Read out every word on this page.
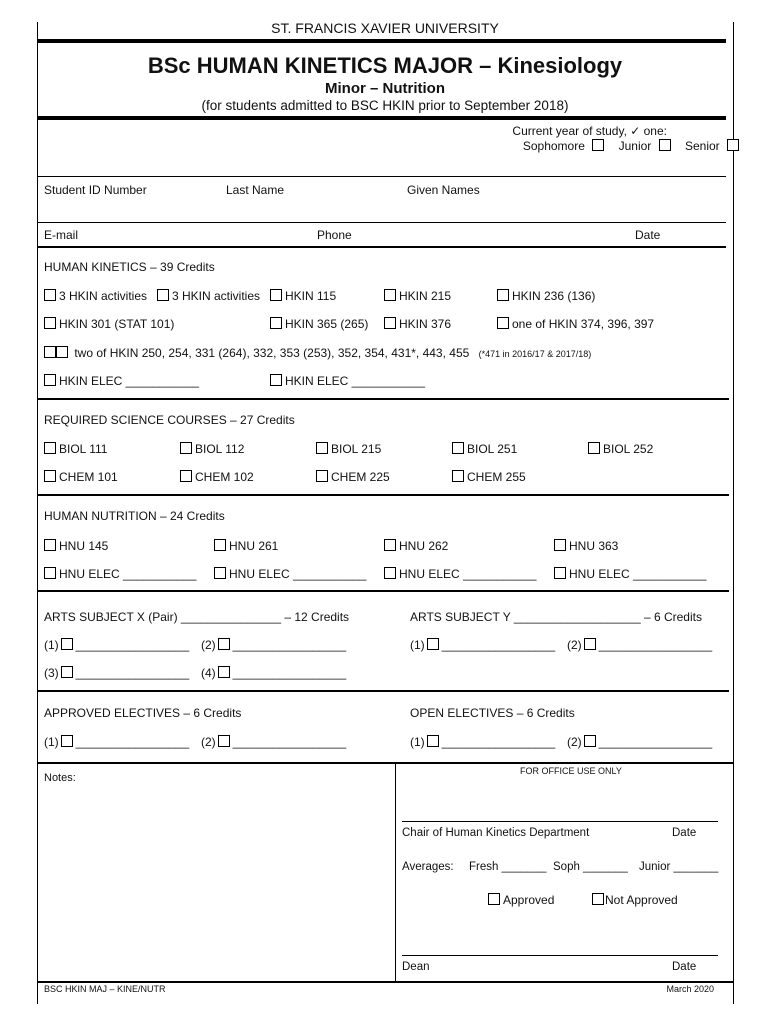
ST. FRANCIS XAVIER UNIVERSITY
BSc HUMAN KINETICS MAJOR – Kinesiology
Minor – Nutrition
(for students admitted to BSC HKIN prior to September 2018)
Current year of study, ✓ one:
Sophomore	Junior	Senior
Student ID Number	Last Name	Given Names
E-mail	Phone	Date
HUMAN KINETICS – 39 Credits
3 HKIN activities	3 HKIN activities	HKIN 115	HKIN 215	HKIN 236 (136)
HKIN 301 (STAT 101)	HKIN 365 (265)	HKIN 376	one of HKIN 374, 396, 397
two of HKIN 250, 254, 331 (264), 332, 353 (253), 352, 354, 431*, 443, 455 (*471 in 2016/17 & 2017/18)
HKIN ELEC ___________	HKIN ELEC ___________
REQUIRED SCIENCE COURSES – 27 Credits
BIOL 111	BIOL 112	BIOL 215	BIOL 251	BIOL 252
CHEM 101	CHEM 102	CHEM 225	CHEM 255
HUMAN NUTRITION – 24 Credits
HNU 145	HNU 261	HNU 262	HNU 363
HNU ELEC ___________	HNU ELEC ___________	HNU ELEC ___________	HNU ELEC ___________
ARTS SUBJECT X (Pair) _______________ – 12 Credits	ARTS SUBJECT Y ___________________ – 6 Credits
(1) _________________ (2) _________________	(1) _________________ (2) _________________
(3) _________________ (4) _________________
APPROVED ELECTIVES – 6 Credits	OPEN ELECTIVES – 6 Credits
(1) _________________ (2) _________________	(1) _________________ (2) _________________
Notes:
FOR OFFICE USE ONLY
Chair of Human Kinetics Department	Date
Averages: Fresh _______ Soph _______ Junior _______
Approved	Not Approved
Dean	Date
BSC HKIN MAJ – KINE/NUTR	March 2020
